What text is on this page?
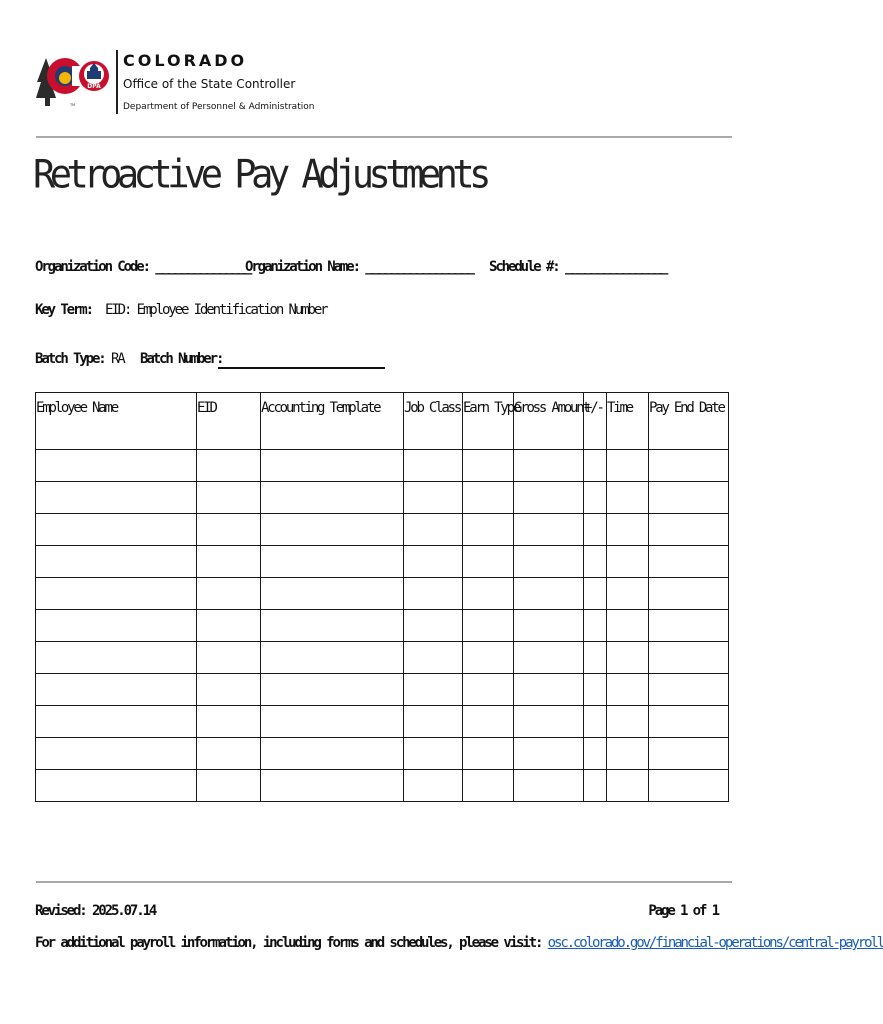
DPA
TM
COLORADO
Office of the State Controller
Department of Personnel & Administration
Retroactive Pay Adjustments
Organization Code: _______________
Organization Name: _________________ Schedule #: ________________
Key Term: EID: Employee Identification Number
Batch Type: RA Batch Number:
Employee Name	EID	Accounting Template	Job Class	Earn Type	Gross Amount	+/-	Time	Pay End Date

Revised: 2025.07.14	Page 1 of 1
For additional payroll information, including forms and schedules, please visit: osc.colorado.gov/financial-operations/central-payroll
